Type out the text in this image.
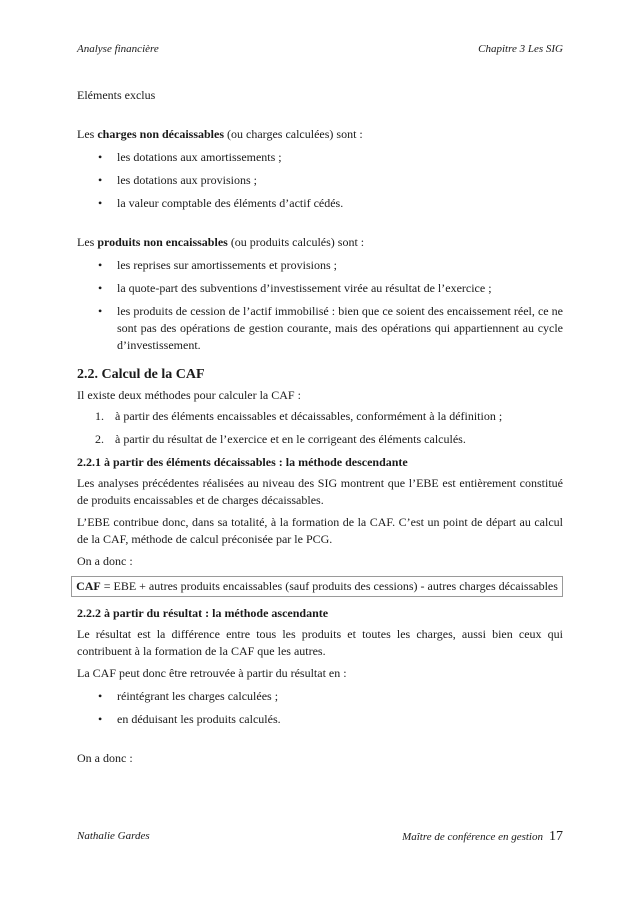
Analyse financière	Chapitre 3 Les SIG

Eléments exclus

Les charges non décaissables (ou charges calculées) sont :

• les dotations aux amortissements ;
• les dotations aux provisions ;
• la valeur comptable des éléments d’actif cédés.

Les produits non encaissables (ou produits calculés) sont :

• les reprises sur amortissements et provisions ;
• la quote-part des subventions d’investissement virée au résultat de l’exercice ;
• les produits de cession de l’actif immobilisé : bien que ce soient des encaissement réel, ce ne sont pas des opérations de gestion courante, mais des opérations qui appartiennent au cycle d’investissement.
2.2. Calcul de la CAF

Il existe deux méthodes pour calculer la CAF :

1. à partir des éléments encaissables et décaissables, conformément à la définition ;
2. à partir du résultat de l’exercice et en le corrigeant des éléments calculés.
2.2.1 à partir des éléments décaissables : la méthode descendante

Les analyses précédentes réalisées au niveau des SIG montrent que l’EBE est entièrement constitué de produits encaissables et de charges décaissables.

L’EBE contribue donc, dans sa totalité, à la formation de la CAF. C’est un point de départ au calcul de la CAF, méthode de calcul préconisée par le PCG.

On a donc :

CAF = EBE + autres produits encaissables (sauf produits des cessions) - autres charges décaissables
2.2.2 à partir du résultat : la méthode ascendante

Le résultat est la différence entre tous les produits et toutes les charges, aussi bien ceux qui contribuent à la formation de la CAF que les autres.

La CAF peut donc être retrouvée à partir du résultat en :

• réintégrant les charges calculées ;
• en déduisant les produits calculés.

On a donc :

Nathalie Gardes	Maître de conférence en gestion 17
